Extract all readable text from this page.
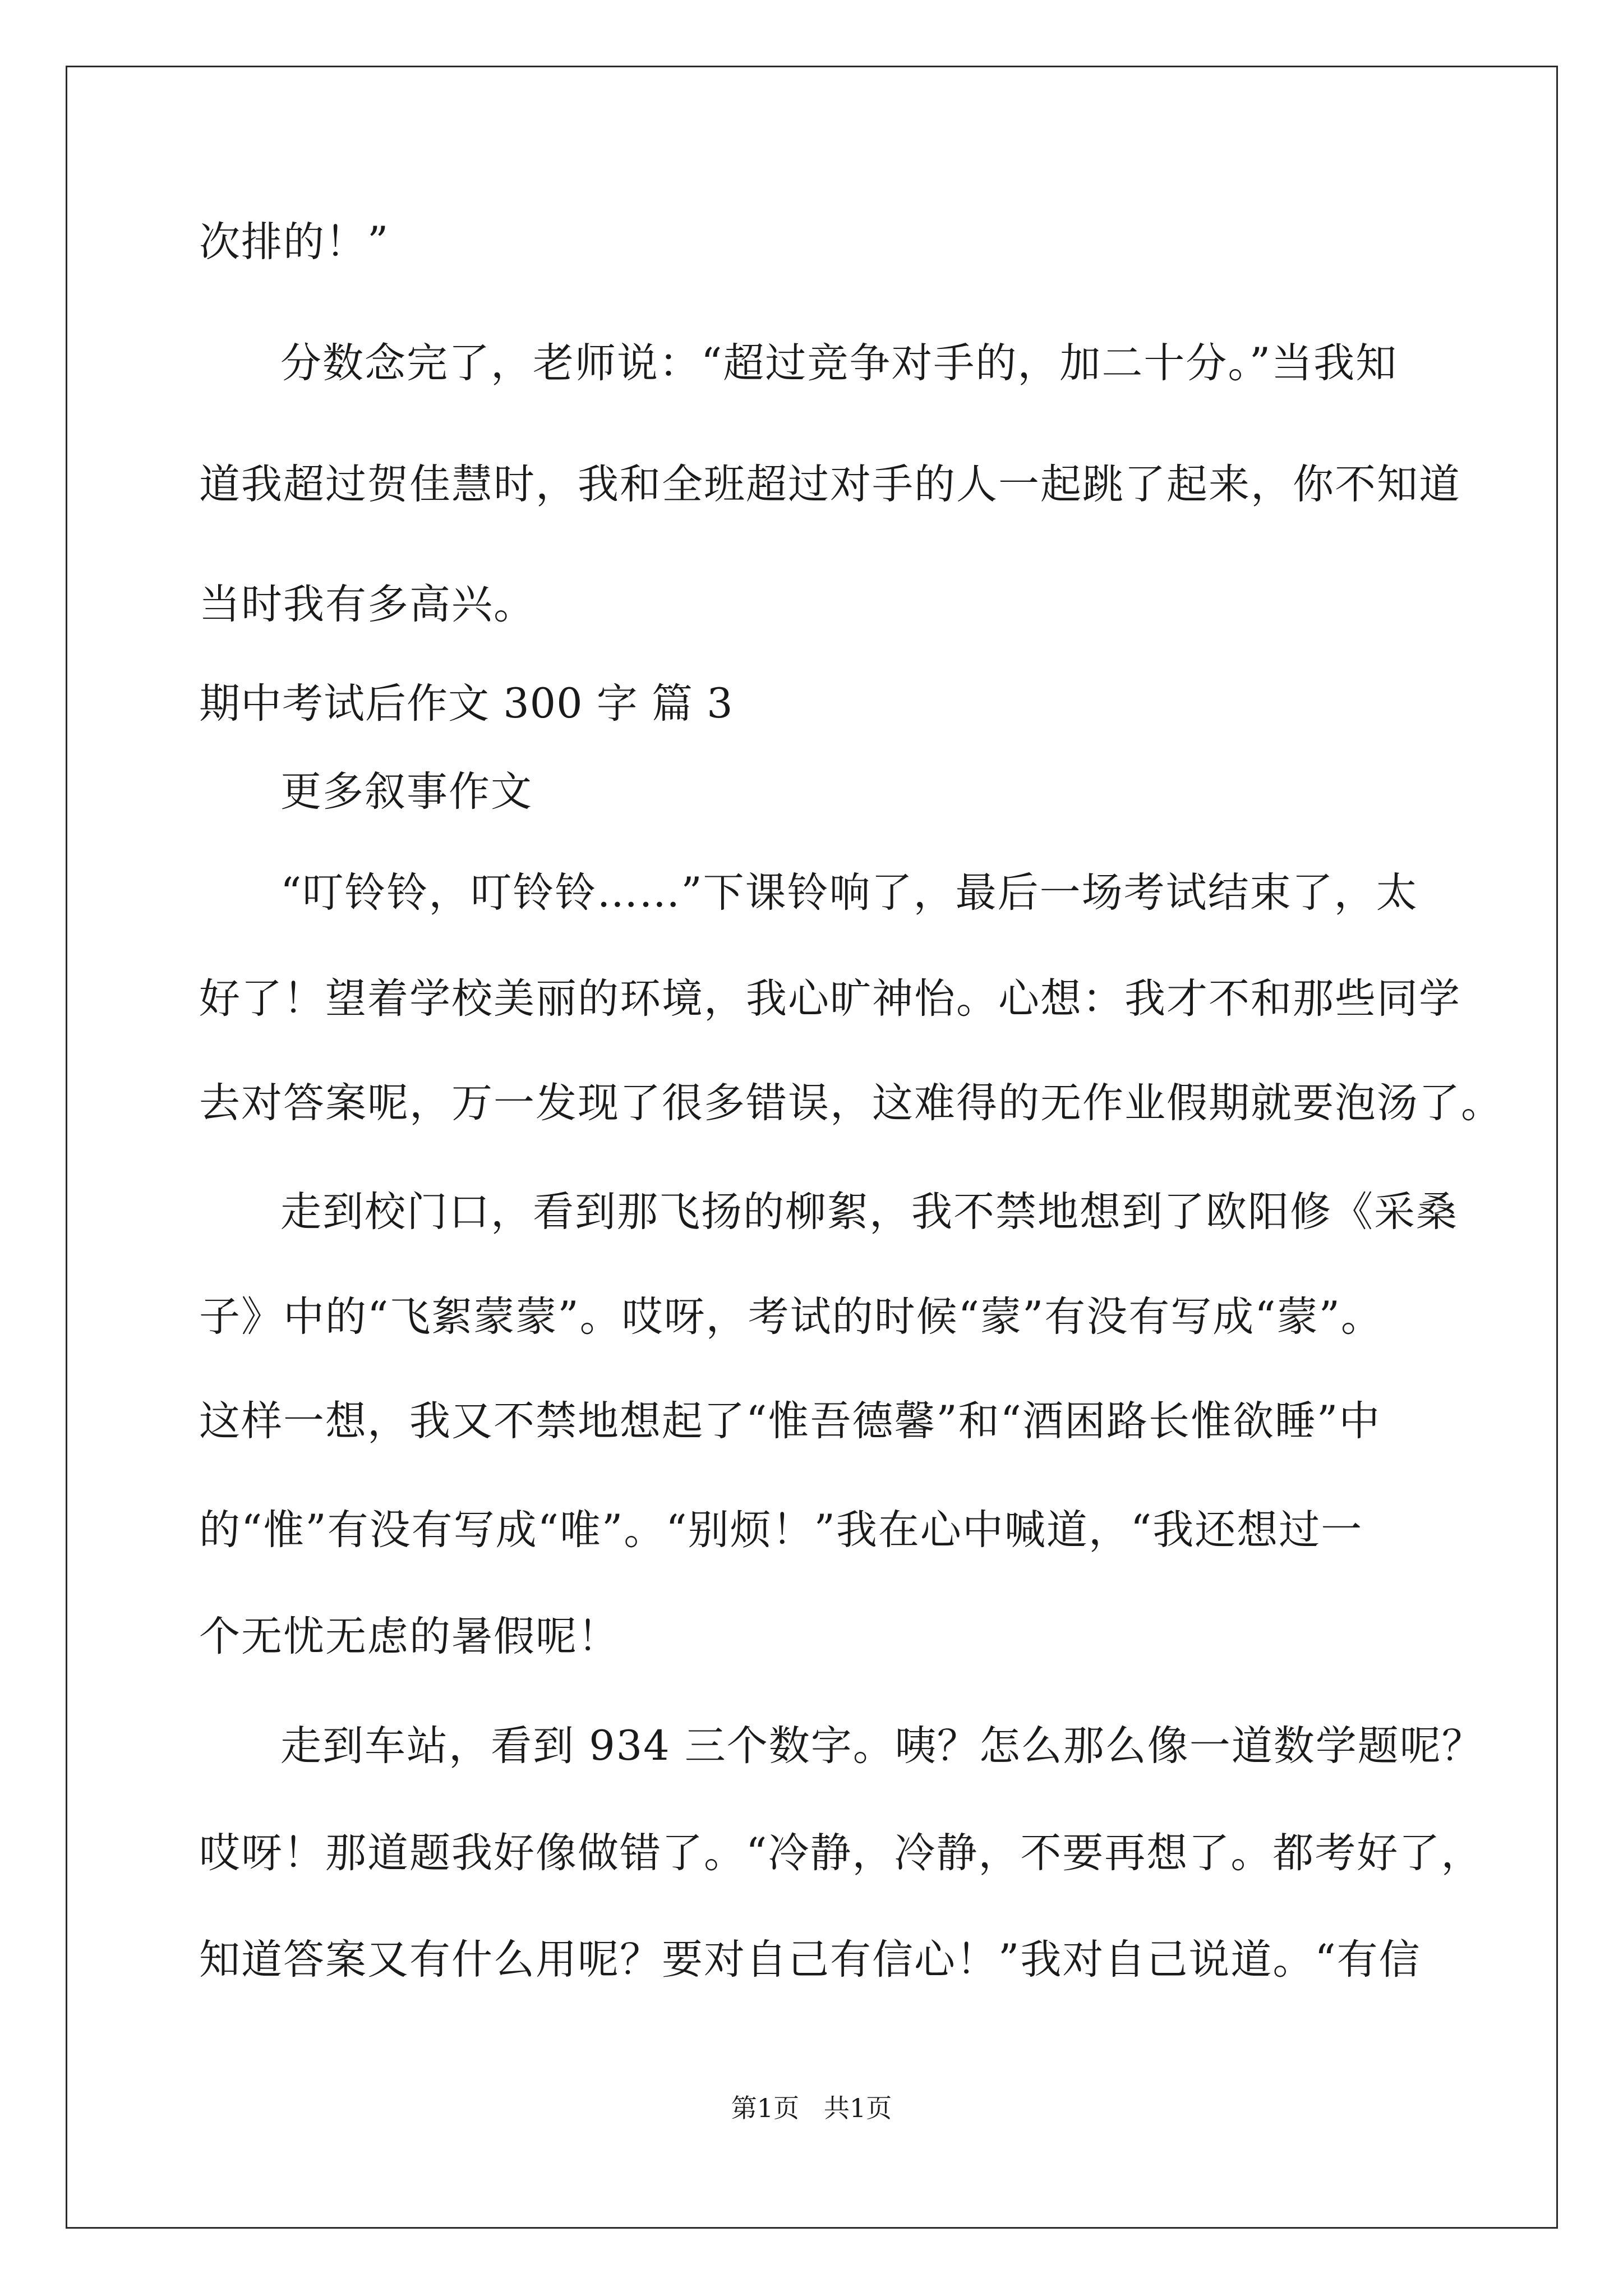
次排的！”
分数念完了，老师说：“超过竞争对手的，加二十分。”当我知
道我超过贺佳慧时，我和全班超过对手的人一起跳了起来，你不知道
当时我有多高兴。
期中考试后作文 300 字 篇 3
更多叙事作文
“叮铃铃，叮铃铃……”下课铃响了，最后一场考试结束了，太
好了！望着学校美丽的环境，我心旷神怡。心想：我才不和那些同学
去对答案呢，万一发现了很多错误，这难得的无作业假期就要泡汤了。
走到校门口，看到那飞扬的柳絮，我不禁地想到了欧阳修《采桑
子》中的“飞絮蒙蒙”。哎呀，考试的时候“蒙”有没有写成“蒙”。
这样一想，我又不禁地想起了“惟吾德馨”和“酒困路长惟欲睡”中
的“惟”有没有写成“唯”。“别烦！”我在心中喊道，“我还想过一
个无忧无虑的暑假呢！
走到车站，看到 934 三个数字。咦？怎么那么像一道数学题呢？
哎呀！那道题我好像做错了。“冷静，冷静，不要再想了。都考好了，
知道答案又有什么用呢？要对自己有信心！”我对自己说道。“有信
第1页   共1页
